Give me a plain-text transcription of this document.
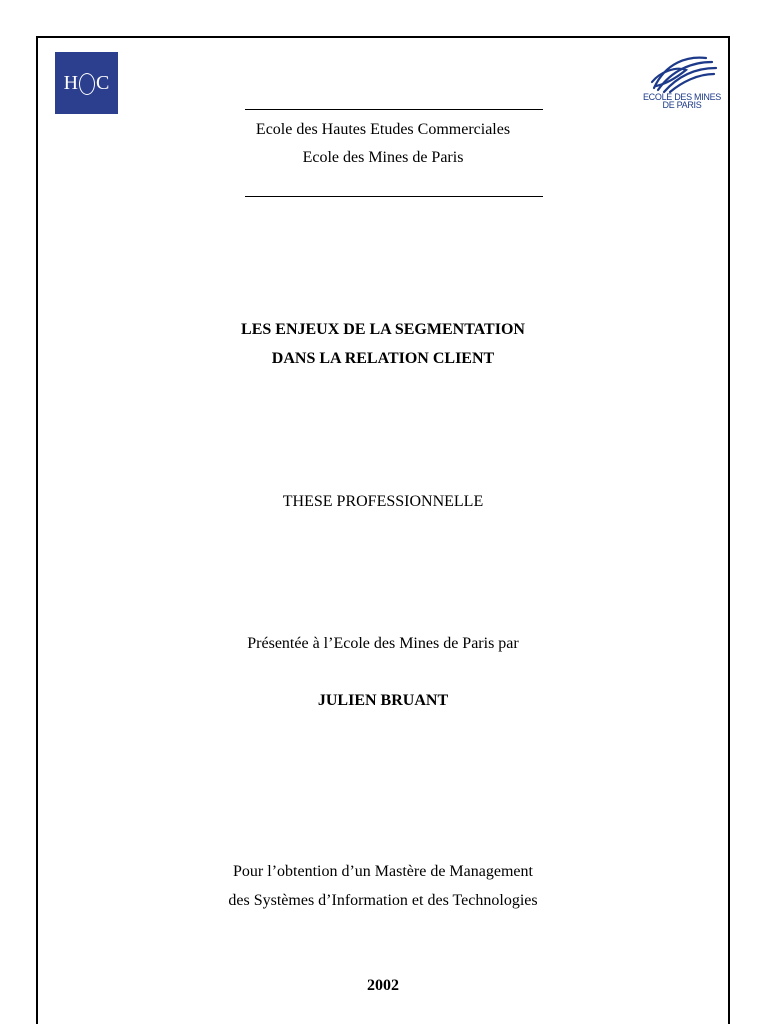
H C
ECOLE DES MINES
DE PARIS
Ecole des Hautes Etudes Commerciales
Ecole des Mines de Paris
LES ENJEUX DE LA SEGMENTATION
DANS LA RELATION CLIENT
THESE PROFESSIONNELLE
Présentée à l’Ecole des Mines de Paris par
JULIEN BRUANT
Pour l’obtention d’un Mastère de Management
des Systèmes d’Information et des Technologies
2002
